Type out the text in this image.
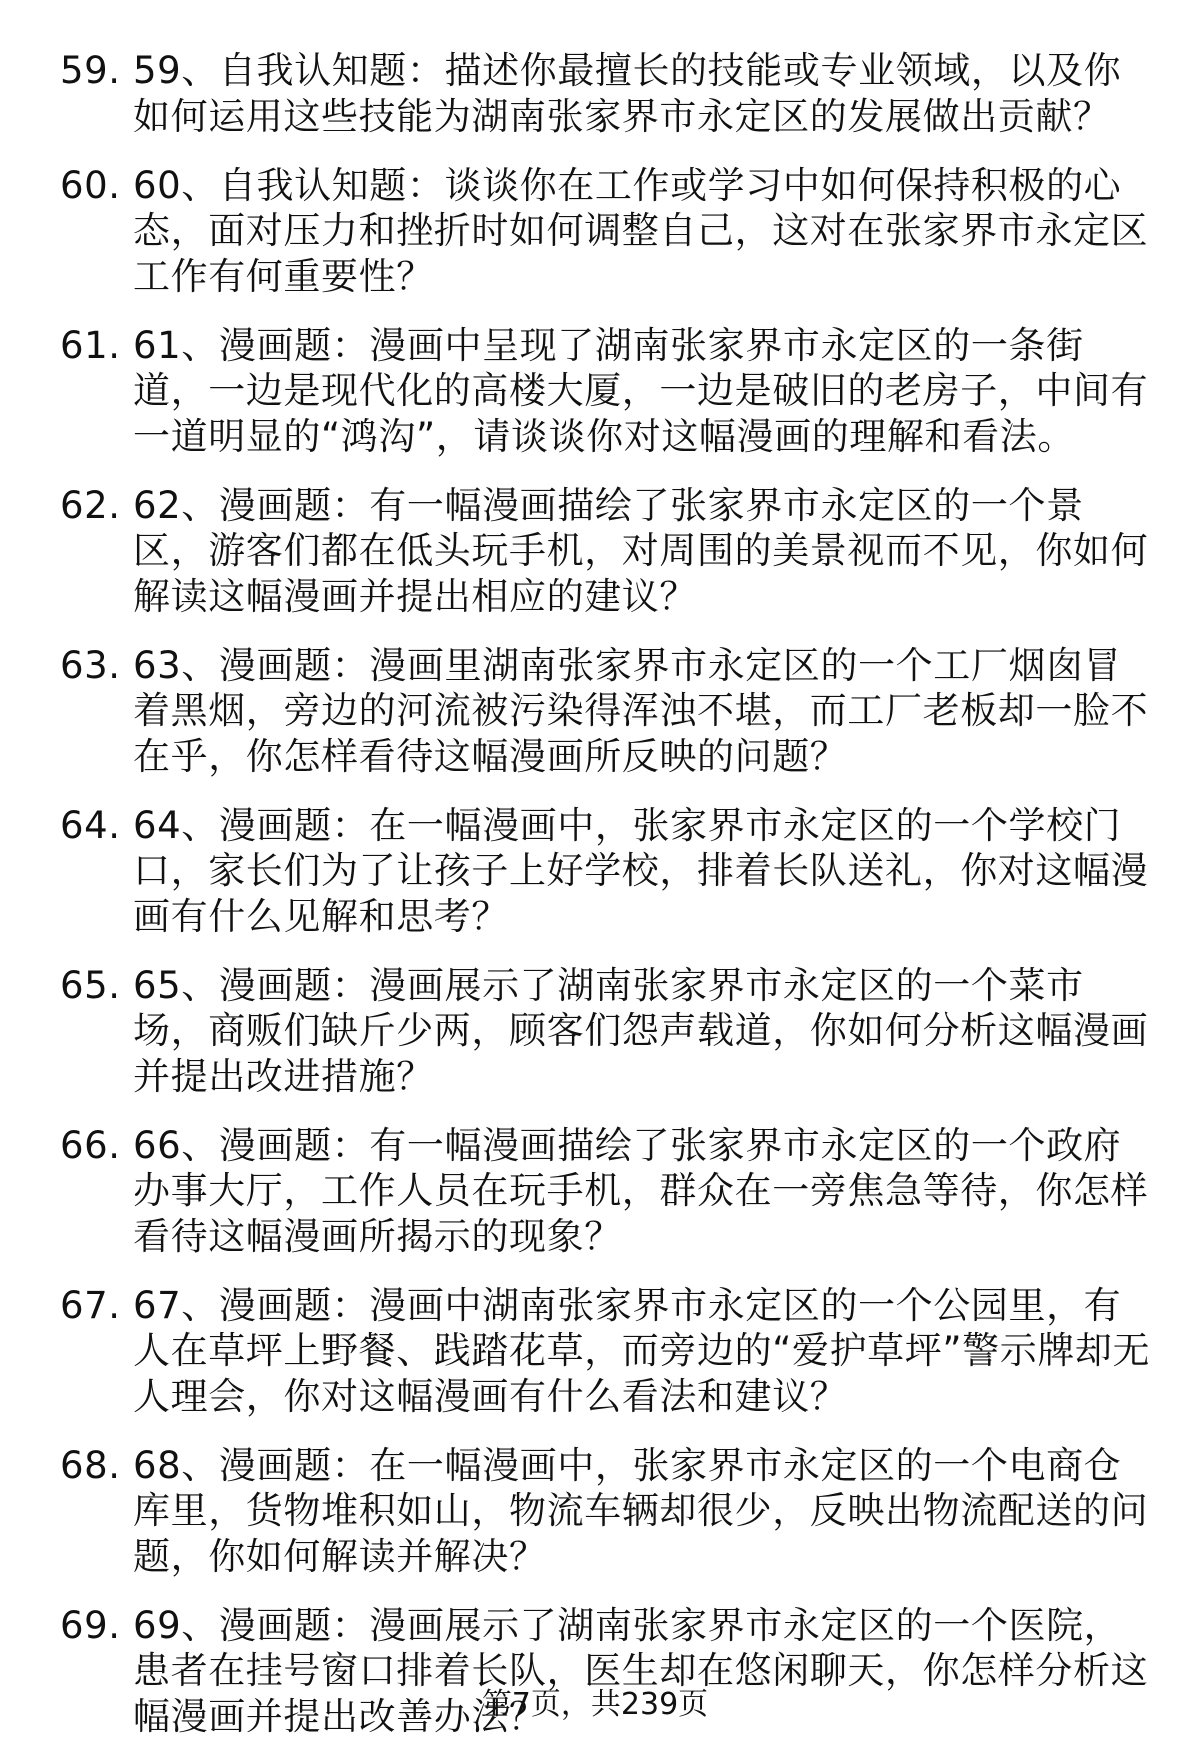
59. 59、自我认知题：描述你最擅长的技能或专业领域，以及你如何运用这些技能为湖南张家界市永定区的发展做出贡献？
60. 60、自我认知题：谈谈你在工作或学习中如何保持积极的心态，面对压力和挫折时如何调整自己，这对在张家界市永定区工作有何重要性？
61. 61、漫画题：漫画中呈现了湖南张家界市永定区的一条街道，一边是现代化的高楼大厦，一边是破旧的老房子，中间有一道明显的“鸿沟”，请谈谈你对这幅漫画的理解和看法。
62. 62、漫画题：有一幅漫画描绘了张家界市永定区的一个景区，游客们都在低头玩手机，对周围的美景视而不见，你如何解读这幅漫画并提出相应的建议？
63. 63、漫画题：漫画里湖南张家界市永定区的一个工厂烟囱冒着黑烟，旁边的河流被污染得浑浊不堪，而工厂老板却一脸不在乎，你怎样看待这幅漫画所反映的问题？
64. 64、漫画题：在一幅漫画中，张家界市永定区的一个学校门口，家长们为了让孩子上好学校，排着长队送礼，你对这幅漫画有什么见解和思考？
65. 65、漫画题：漫画展示了湖南张家界市永定区的一个菜市场，商贩们缺斤少两，顾客们怨声载道，你如何分析这幅漫画并提出改进措施？
66. 66、漫画题：有一幅漫画描绘了张家界市永定区的一个政府办事大厅，工作人员在玩手机，群众在一旁焦急等待，你怎样看待这幅漫画所揭示的现象？
67. 67、漫画题：漫画中湖南张家界市永定区的一个公园里，有人在草坪上野餐、践踏花草，而旁边的“爱护草坪”警示牌却无人理会，你对这幅漫画有什么看法和建议？
68. 68、漫画题：在一幅漫画中，张家界市永定区的一个电商仓库里，货物堆积如山，物流车辆却很少，反映出物流配送的问题，你如何解读并解决？
69. 69、漫画题：漫画展示了湖南张家界市永定区的一个医院，患者在挂号窗口排着长队，医生却在悠闲聊天，你怎样分析这幅漫画并提出改善办法？
第7页，共239页
